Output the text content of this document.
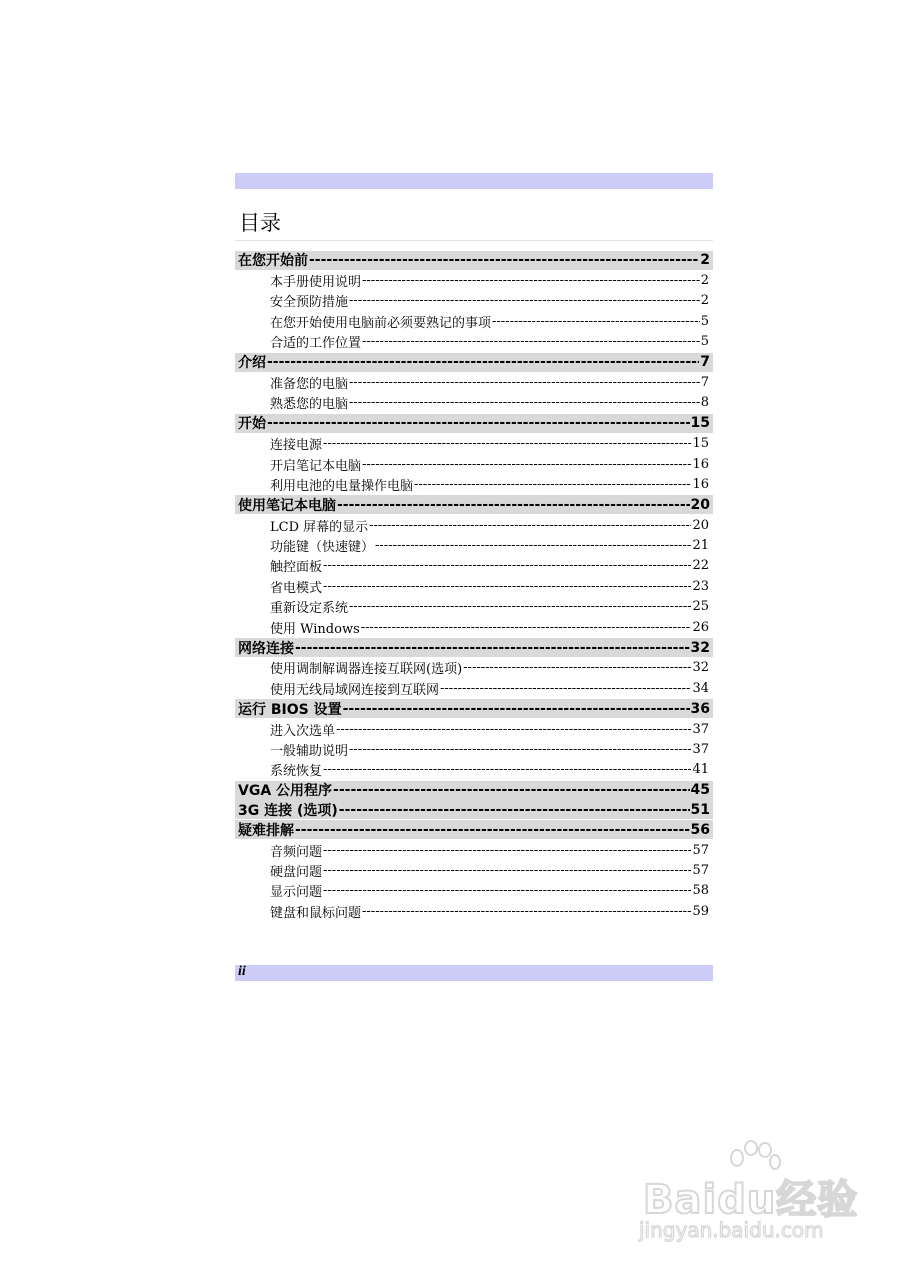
目录
在您开始前 -----	2
本手册使用说明 -----	2
安全预防措施 -----	2
在您开始使用电脑前必须要熟记的事项 -----	5
合适的工作位置 -----	5
介绍 -----	7
准备您的电脑 -----	7
熟悉您的电脑 -----	8
开始 -----	15
连接电源 -----	15
开启笔记本电脑 -----	16
利用电池的电量操作电脑 -----	16
使用笔记本电脑 -----	20
LCD 屏幕的显示 -----	20
功能键（快速键） -----	21
触控面板 -----	22
省电模式 -----	23
重新设定系统 -----	25
使用 Windows -----	26
网络连接 -----	32
使用调制解调器连接互联网(选项) -----	32
使用无线局域网连接到互联网 -----	34
运行 BIOS 设置 -----	36
进入次选单 -----	37
一般辅助说明 -----	37
系统恢复 -----	41
VGA 公用程序 -----	45
3G 连接 (选项) -----	51
疑难排解 -----	56
音频问题 -----	57
硬盘问题 -----	57
显示问题 -----	58
键盘和鼠标问题 -----	59
ii
Baidu经验
jingyan.baidu.com
